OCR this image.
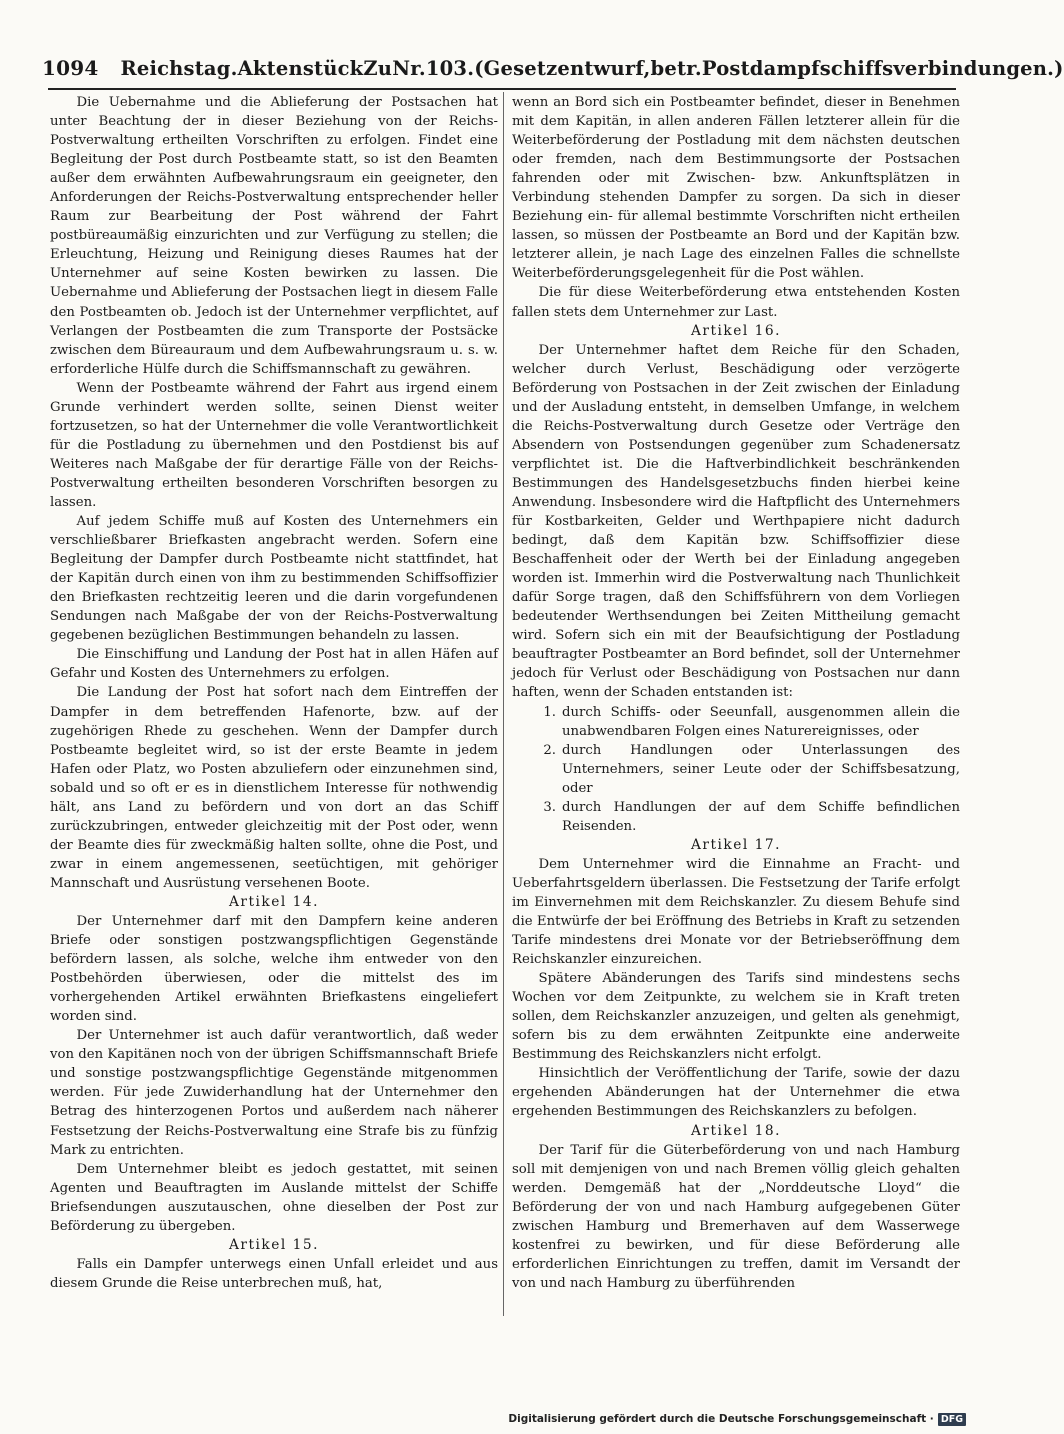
1094 Reichstag. Aktenstück Zu Nr. 103. (Gesetzentwurf, betr. Postdampfschiffsverbindungen.)

Die Uebernahme und die Ablieferung der Postsachen hat unter Beachtung der in dieser Beziehung von der Reichs-Postverwaltung ertheilten Vorschriften zu erfolgen. Findet eine Begleitung der Post durch Postbeamte statt, so ist den Beamten außer dem erwähnten Aufbewahrungsraum ein geeigneter, den Anforderungen der Reichs-Postverwaltung entsprechender heller Raum zur Bearbeitung der Post während der Fahrt postbüreaumäßig einzurichten und zur Verfügung zu stellen; die Erleuchtung, Heizung und Reinigung dieses Raumes hat der Unternehmer auf seine Kosten bewirken zu lassen. Die Uebernahme und Ablieferung der Postsachen liegt in diesem Falle den Postbeamten ob. Jedoch ist der Unternehmer verpflichtet, auf Verlangen der Postbeamten die zum Transporte der Postsäcke zwischen dem Büreauraum und dem Aufbewahrungsraum u. s. w. erforderliche Hülfe durch die Schiffsmannschaft zu gewähren.

Wenn der Postbeamte während der Fahrt aus irgend einem Grunde verhindert werden sollte, seinen Dienst weiter fortzusetzen, so hat der Unternehmer die volle Verantwortlichkeit für die Postladung zu übernehmen und den Postdienst bis auf Weiteres nach Maßgabe der für derartige Fälle von der Reichs-Postverwaltung ertheilten besonderen Vorschriften besorgen zu lassen.

Auf jedem Schiffe muß auf Kosten des Unternehmers ein verschließbarer Briefkasten angebracht werden. Sofern eine Begleitung der Dampfer durch Postbeamte nicht stattfindet, hat der Kapitän durch einen von ihm zu bestimmenden Schiffsoffizier den Briefkasten rechtzeitig leeren und die darin vorgefundenen Sendungen nach Maßgabe der von der Reichs-Postverwaltung gegebenen bezüglichen Bestimmungen behandeln zu lassen.

Die Einschiffung und Landung der Post hat in allen Häfen auf Gefahr und Kosten des Unternehmers zu erfolgen.

Die Landung der Post hat sofort nach dem Eintreffen der Dampfer in dem betreffenden Hafenorte, bzw. auf der zugehörigen Rhede zu geschehen. Wenn der Dampfer durch Postbeamte begleitet wird, so ist der erste Beamte in jedem Hafen oder Platz, wo Posten abzuliefern oder einzunehmen sind, sobald und so oft er es in dienstlichem Interesse für nothwendig hält, ans Land zu befördern und von dort an das Schiff zurückzubringen, entweder gleichzeitig mit der Post oder, wenn der Beamte dies für zweckmäßig halten sollte, ohne die Post, und zwar in einem angemessenen, seetüchtigen, mit gehöriger Mannschaft und Ausrüstung versehenen Boote.

Artikel 14.

Der Unternehmer darf mit den Dampfern keine anderen Briefe oder sonstigen postzwangspflichtigen Gegenstände befördern lassen, als solche, welche ihm entweder von den Postbehörden überwiesen, oder die mittelst des im vorhergehenden Artikel erwähnten Briefkastens eingeliefert worden sind.

Der Unternehmer ist auch dafür verantwortlich, daß weder von den Kapitänen noch von der übrigen Schiffsmannschaft Briefe und sonstige postzwangspflichtige Gegenstände mitgenommen werden. Für jede Zuwiderhandlung hat der Unternehmer den Betrag des hinterzogenen Portos und außerdem nach näherer Festsetzung der Reichs-Postverwaltung eine Strafe bis zu fünfzig Mark zu entrichten.

Dem Unternehmer bleibt es jedoch gestattet, mit seinen Agenten und Beauftragten im Auslande mittelst der Schiffe Briefsendungen auszutauschen, ohne dieselben der Post zur Beförderung zu übergeben.

Artikel 15.

Falls ein Dampfer unterwegs einen Unfall erleidet und aus diesem Grunde die Reise unterbrechen muß, hat,

wenn an Bord sich ein Postbeamter befindet, dieser in Benehmen mit dem Kapitän, in allen anderen Fällen letzterer allein für die Weiterbeförderung der Postladung mit dem nächsten deutschen oder fremden, nach dem Bestimmungsorte der Postsachen fahrenden oder mit Zwischen- bzw. Ankunftsplätzen in Verbindung stehenden Dampfer zu sorgen. Da sich in dieser Beziehung ein- für allemal bestimmte Vorschriften nicht ertheilen lassen, so müssen der Postbeamte an Bord und der Kapitän bzw. letzterer allein, je nach Lage des einzelnen Falles die schnellste Weiterbeförderungsgelegenheit für die Post wählen.

Die für diese Weiterbeförderung etwa entstehenden Kosten fallen stets dem Unternehmer zur Last.

Artikel 16.

Der Unternehmer haftet dem Reiche für den Schaden, welcher durch Verlust, Beschädigung oder verzögerte Beförderung von Postsachen in der Zeit zwischen der Einladung und der Ausladung entsteht, in demselben Umfange, in welchem die Reichs-Postverwaltung durch Gesetze oder Verträge den Absendern von Postsendungen gegenüber zum Schadenersatz verpflichtet ist. Die die Haftverbindlichkeit beschränkenden Bestimmungen des Handelsgesetzbuchs finden hierbei keine Anwendung. Insbesondere wird die Haftpflicht des Unternehmers für Kostbarkeiten, Gelder und Werthpapiere nicht dadurch bedingt, daß dem Kapitän bzw. Schiffsoffizier diese Beschaffenheit oder der Werth bei der Einladung angegeben worden ist. Immerhin wird die Postverwaltung nach Thunlichkeit dafür Sorge tragen, daß den Schiffsführern von dem Vorliegen bedeutender Werthsendungen bei Zeiten Mittheilung gemacht wird. Sofern sich ein mit der Beaufsichtigung der Postladung beauftragter Postbeamter an Bord befindet, soll der Unternehmer jedoch für Verlust oder Beschädigung von Postsachen nur dann haften, wenn der Schaden entstanden ist:

1. durch Schiffs- oder Seeunfall, ausgenommen allein die unabwendbaren Folgen eines Naturereignisses, oder
2. durch Handlungen oder Unterlassungen des Unternehmers, seiner Leute oder der Schiffsbesatzung, oder
3. durch Handlungen der auf dem Schiffe befindlichen Reisenden.
Artikel 17.

Dem Unternehmer wird die Einnahme an Fracht- und Ueberfahrtsgeldern überlassen. Die Festsetzung der Tarife erfolgt im Einvernehmen mit dem Reichskanzler. Zu diesem Behufe sind die Entwürfe der bei Eröffnung des Betriebs in Kraft zu setzenden Tarife mindestens drei Monate vor der Betriebseröffnung dem Reichskanzler einzureichen.

Spätere Abänderungen des Tarifs sind mindestens sechs Wochen vor dem Zeitpunkte, zu welchem sie in Kraft treten sollen, dem Reichskanzler anzuzeigen, und gelten als genehmigt, sofern bis zu dem erwähnten Zeitpunkte eine anderweite Bestimmung des Reichskanzlers nicht erfolgt.

Hinsichtlich der Veröffentlichung der Tarife, sowie der dazu ergehenden Abänderungen hat der Unternehmer die etwa ergehenden Bestimmungen des Reichskanzlers zu befolgen.

Artikel 18.

Der Tarif für die Güterbeförderung von und nach Hamburg soll mit demjenigen von und nach Bremen völlig gleich gehalten werden. Demgemäß hat der „Norddeutsche Lloyd“ die Beförderung der von und nach Hamburg aufgegebenen Güter zwischen Hamburg und Bremerhaven auf dem Wasserwege kostenfrei zu bewirken, und für diese Beförderung alle erforderlichen Einrichtungen zu treffen, damit im Versandt der von und nach Hamburg zu überführenden

Digitalisierung gefördert durch die Deutsche Forschungsgemeinschaft · DFG
